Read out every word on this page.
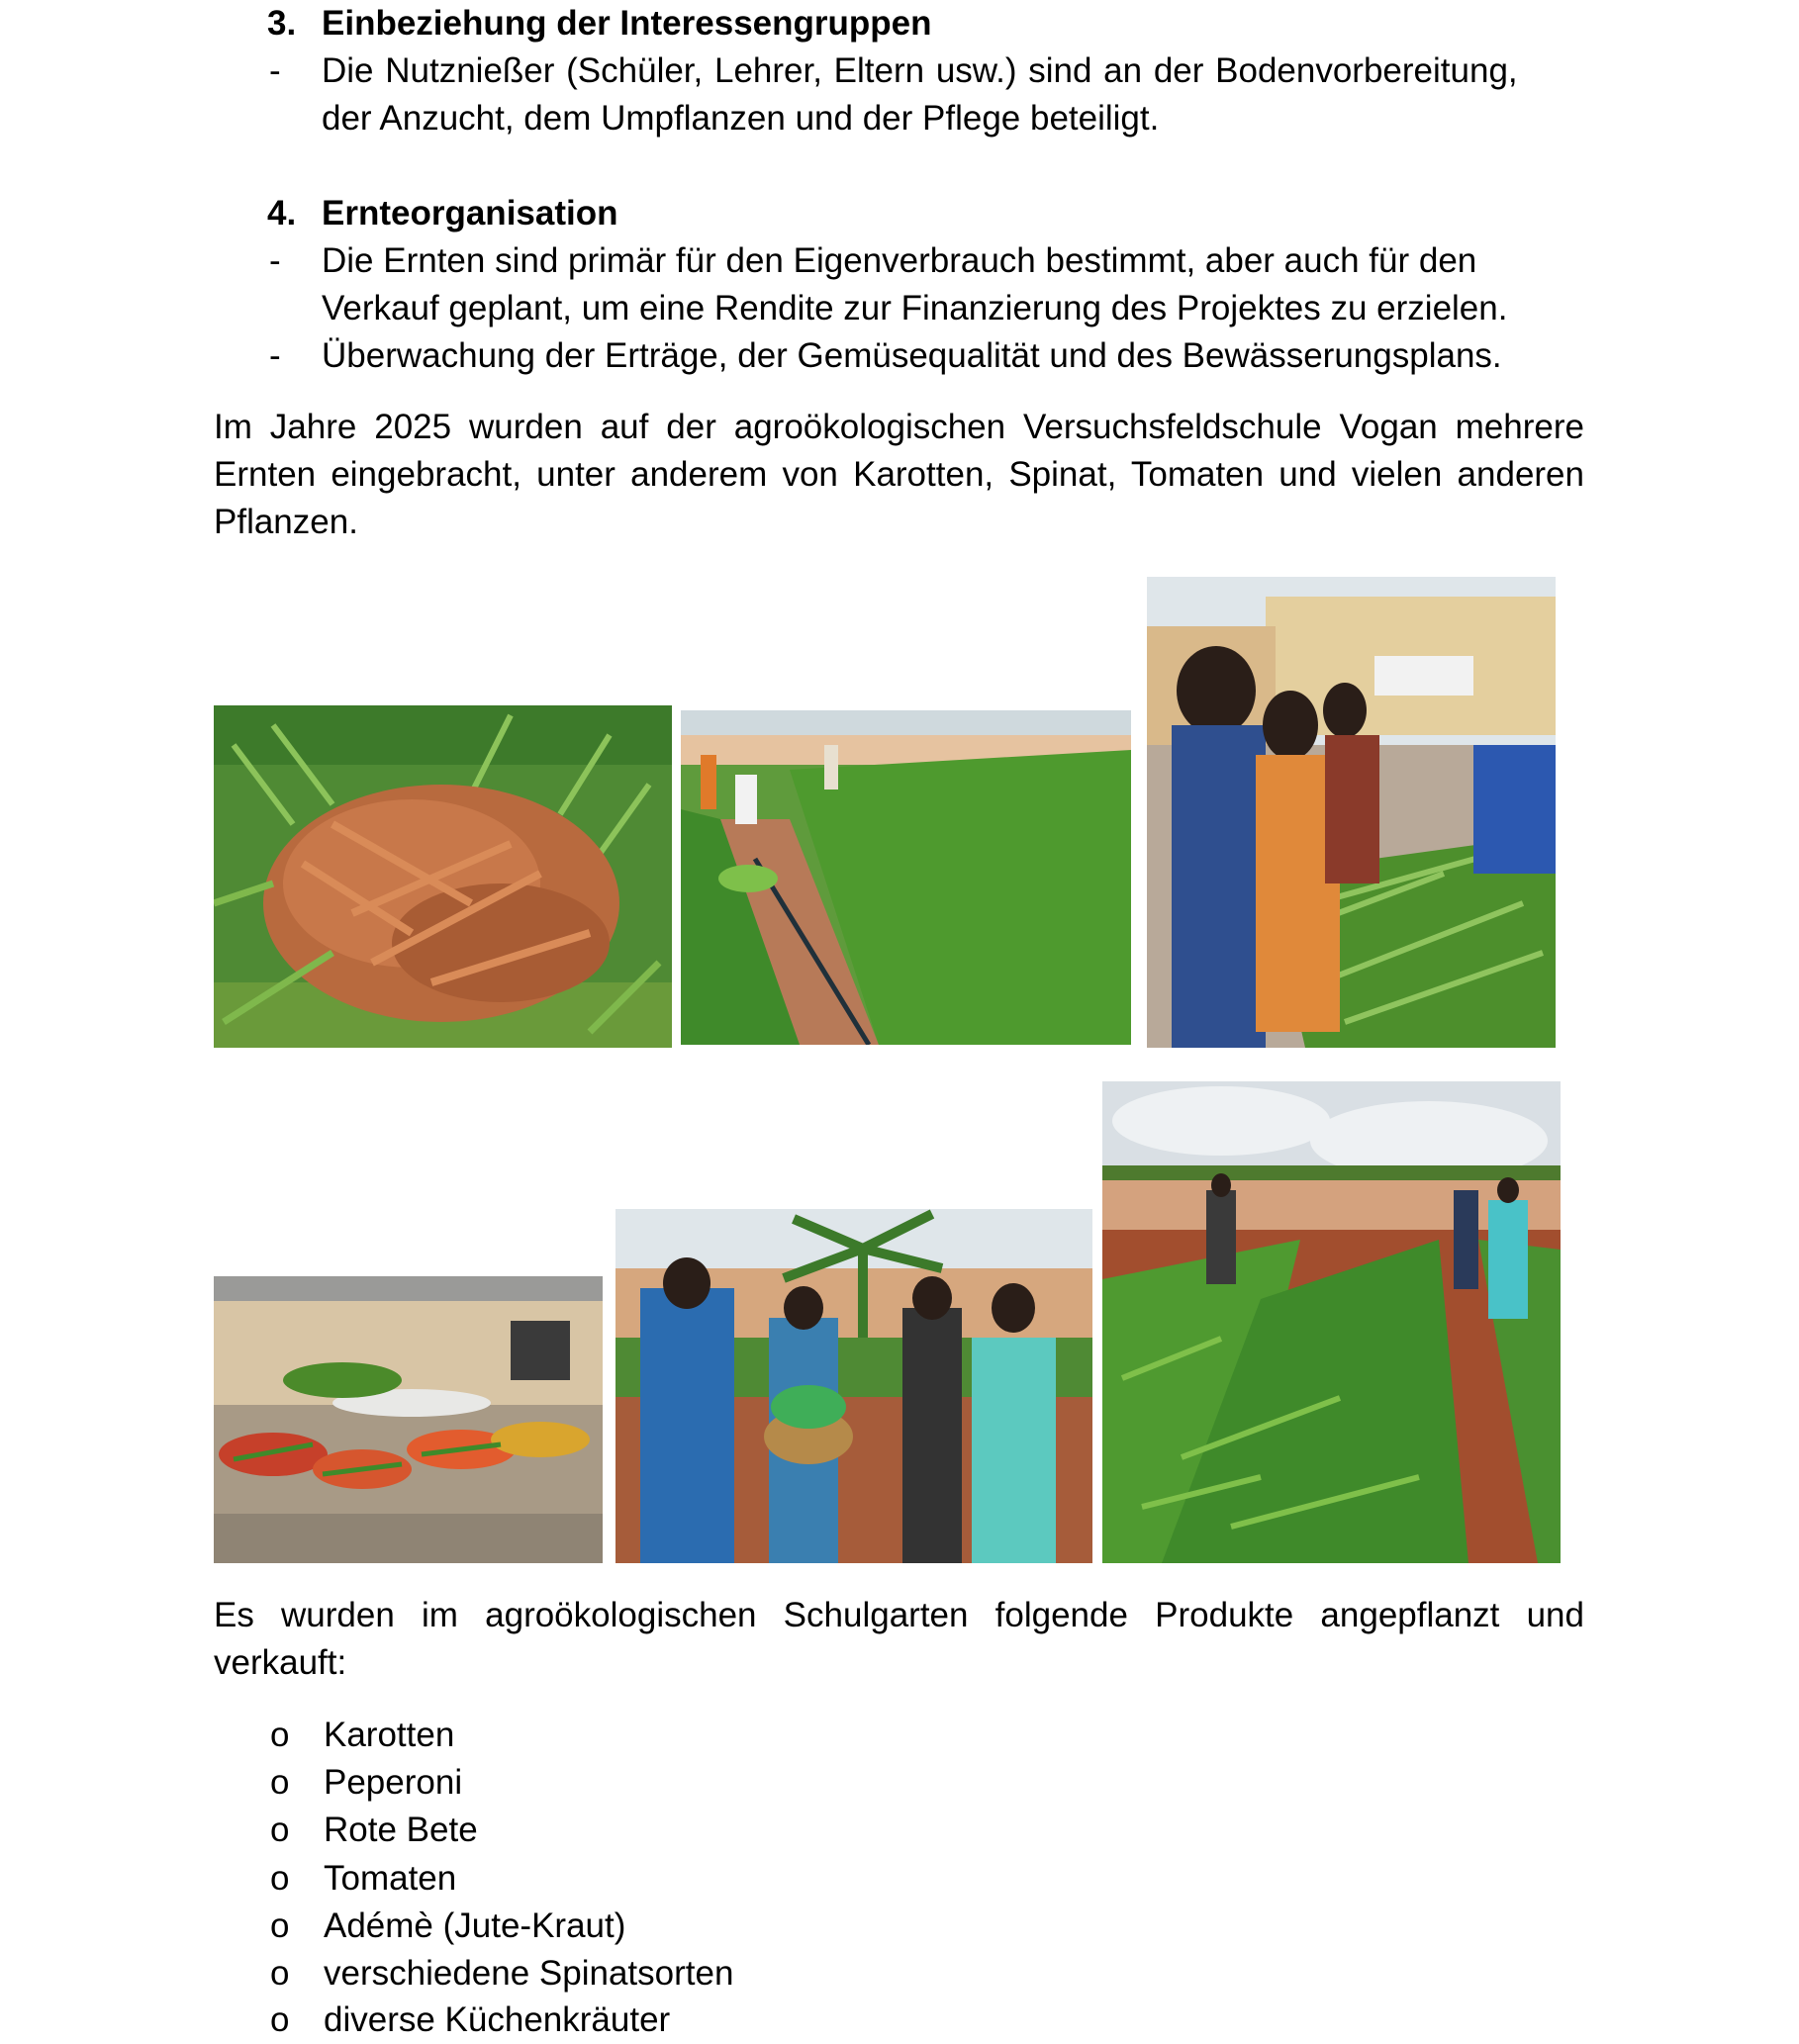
3. Einbeziehung der Interessengruppen
- Die Nutznießer (Schüler, Lehrer, Eltern usw.) sind an der Bodenvorbereitung,
der Anzucht, dem Umpflanzen und der Pflege beteiligt.
4. Ernteorganisation
- Die Ernten sind primär für den Eigenverbrauch bestimmt, aber auch für den
Verkauf geplant, um eine Rendite zur Finanzierung des Projektes zu erzielen.
- Überwachung der Erträge, der Gemüsequalität und des Bewässerungsplans.
Im Jahre 2025 wurden auf der agroökologischen Versuchsfeldschule Vogan mehrere Ernten eingebracht, unter anderem von Karotten, Spinat, Tomaten und vielen anderen Pflanzen.
Es wurden im agroökologischen Schulgarten folgende Produkte angepflanzt und verkauft:
o Karotten
o Peperoni
o Rote Bete
o Tomaten
o Adémè (Jute-Kraut)
o verschiedene Spinatsorten
o diverse Küchenkräuter
